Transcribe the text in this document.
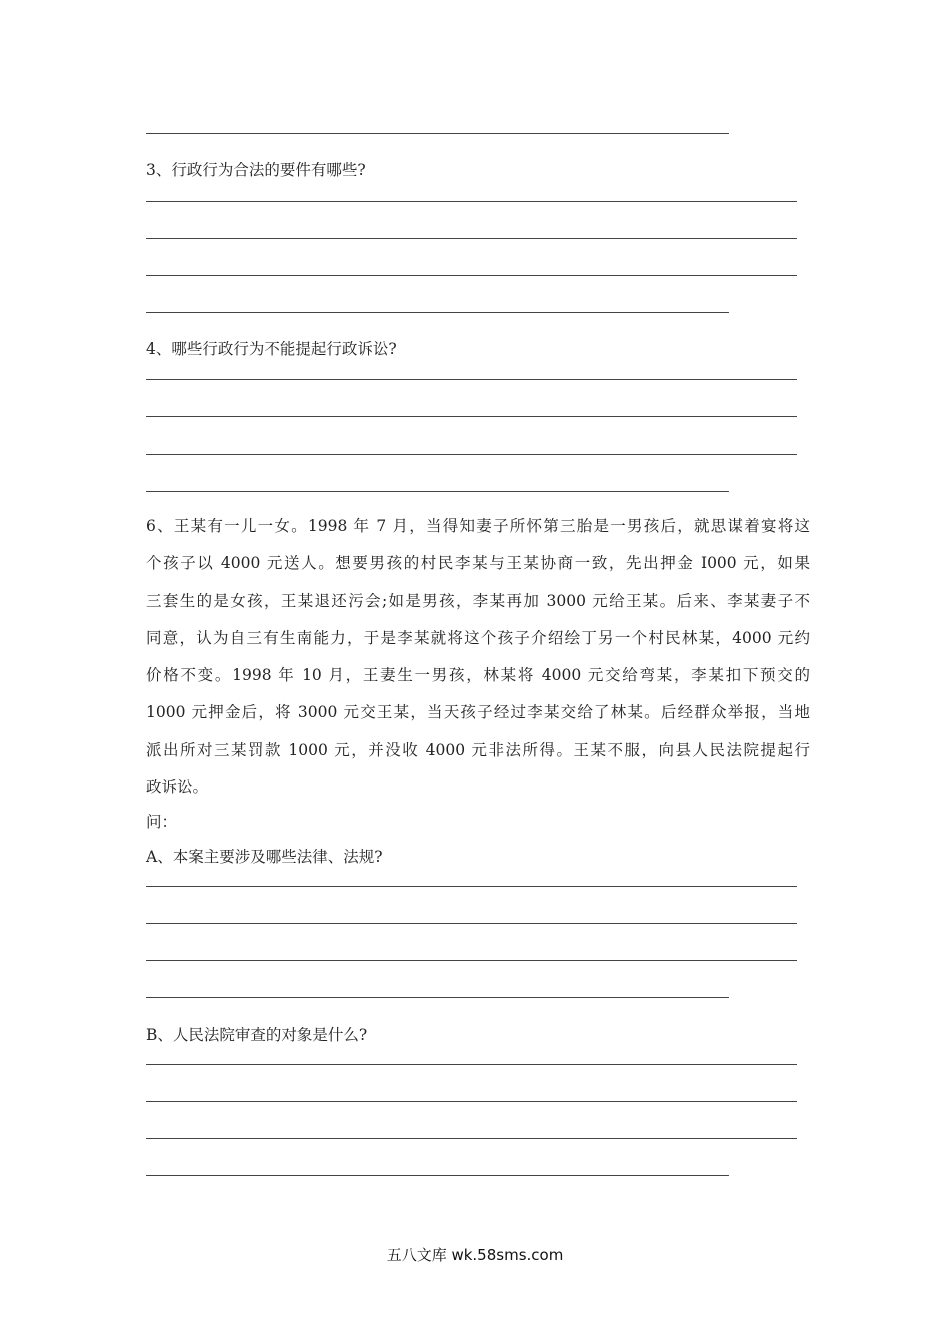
3、行政行为合法的要件有哪些?
4、哪些行政行为不能提起行政诉讼?

6、王某有一儿一女。1998 年 7 月，当得知妻子所怀第三胎是一男孩后，就思谋着宴将这
个孩子以 4000 元送人。想要男孩的村民李某与王某协商一致，先出押金 I000 元，如果
三套生的是女孩，王某退还污会;如是男孩，李某再加 3000 元给王某。后来、李某妻子不
同意，认为自三有生南能力，于是李某就将这个孩子介绍绘丁另一个村民林某，4000 元约
价格不变。1998 年 10 月，王妻生一男孩，林某将 4000 元交给弯某，李某扣下预交的
1000 元押金后，将 3000 元交王某，当天孩子经过李某交给了林某。后经群众举报，当地
派出所对三某罚款 1000 元，并没收 4000 元非法所得。王某不服，向县人民法院提起行
政诉讼。

问：
A、本案主要涉及哪些法律、法规?
B、人民法院审查的对象是什么?
五八文库 wk.58sms.com
